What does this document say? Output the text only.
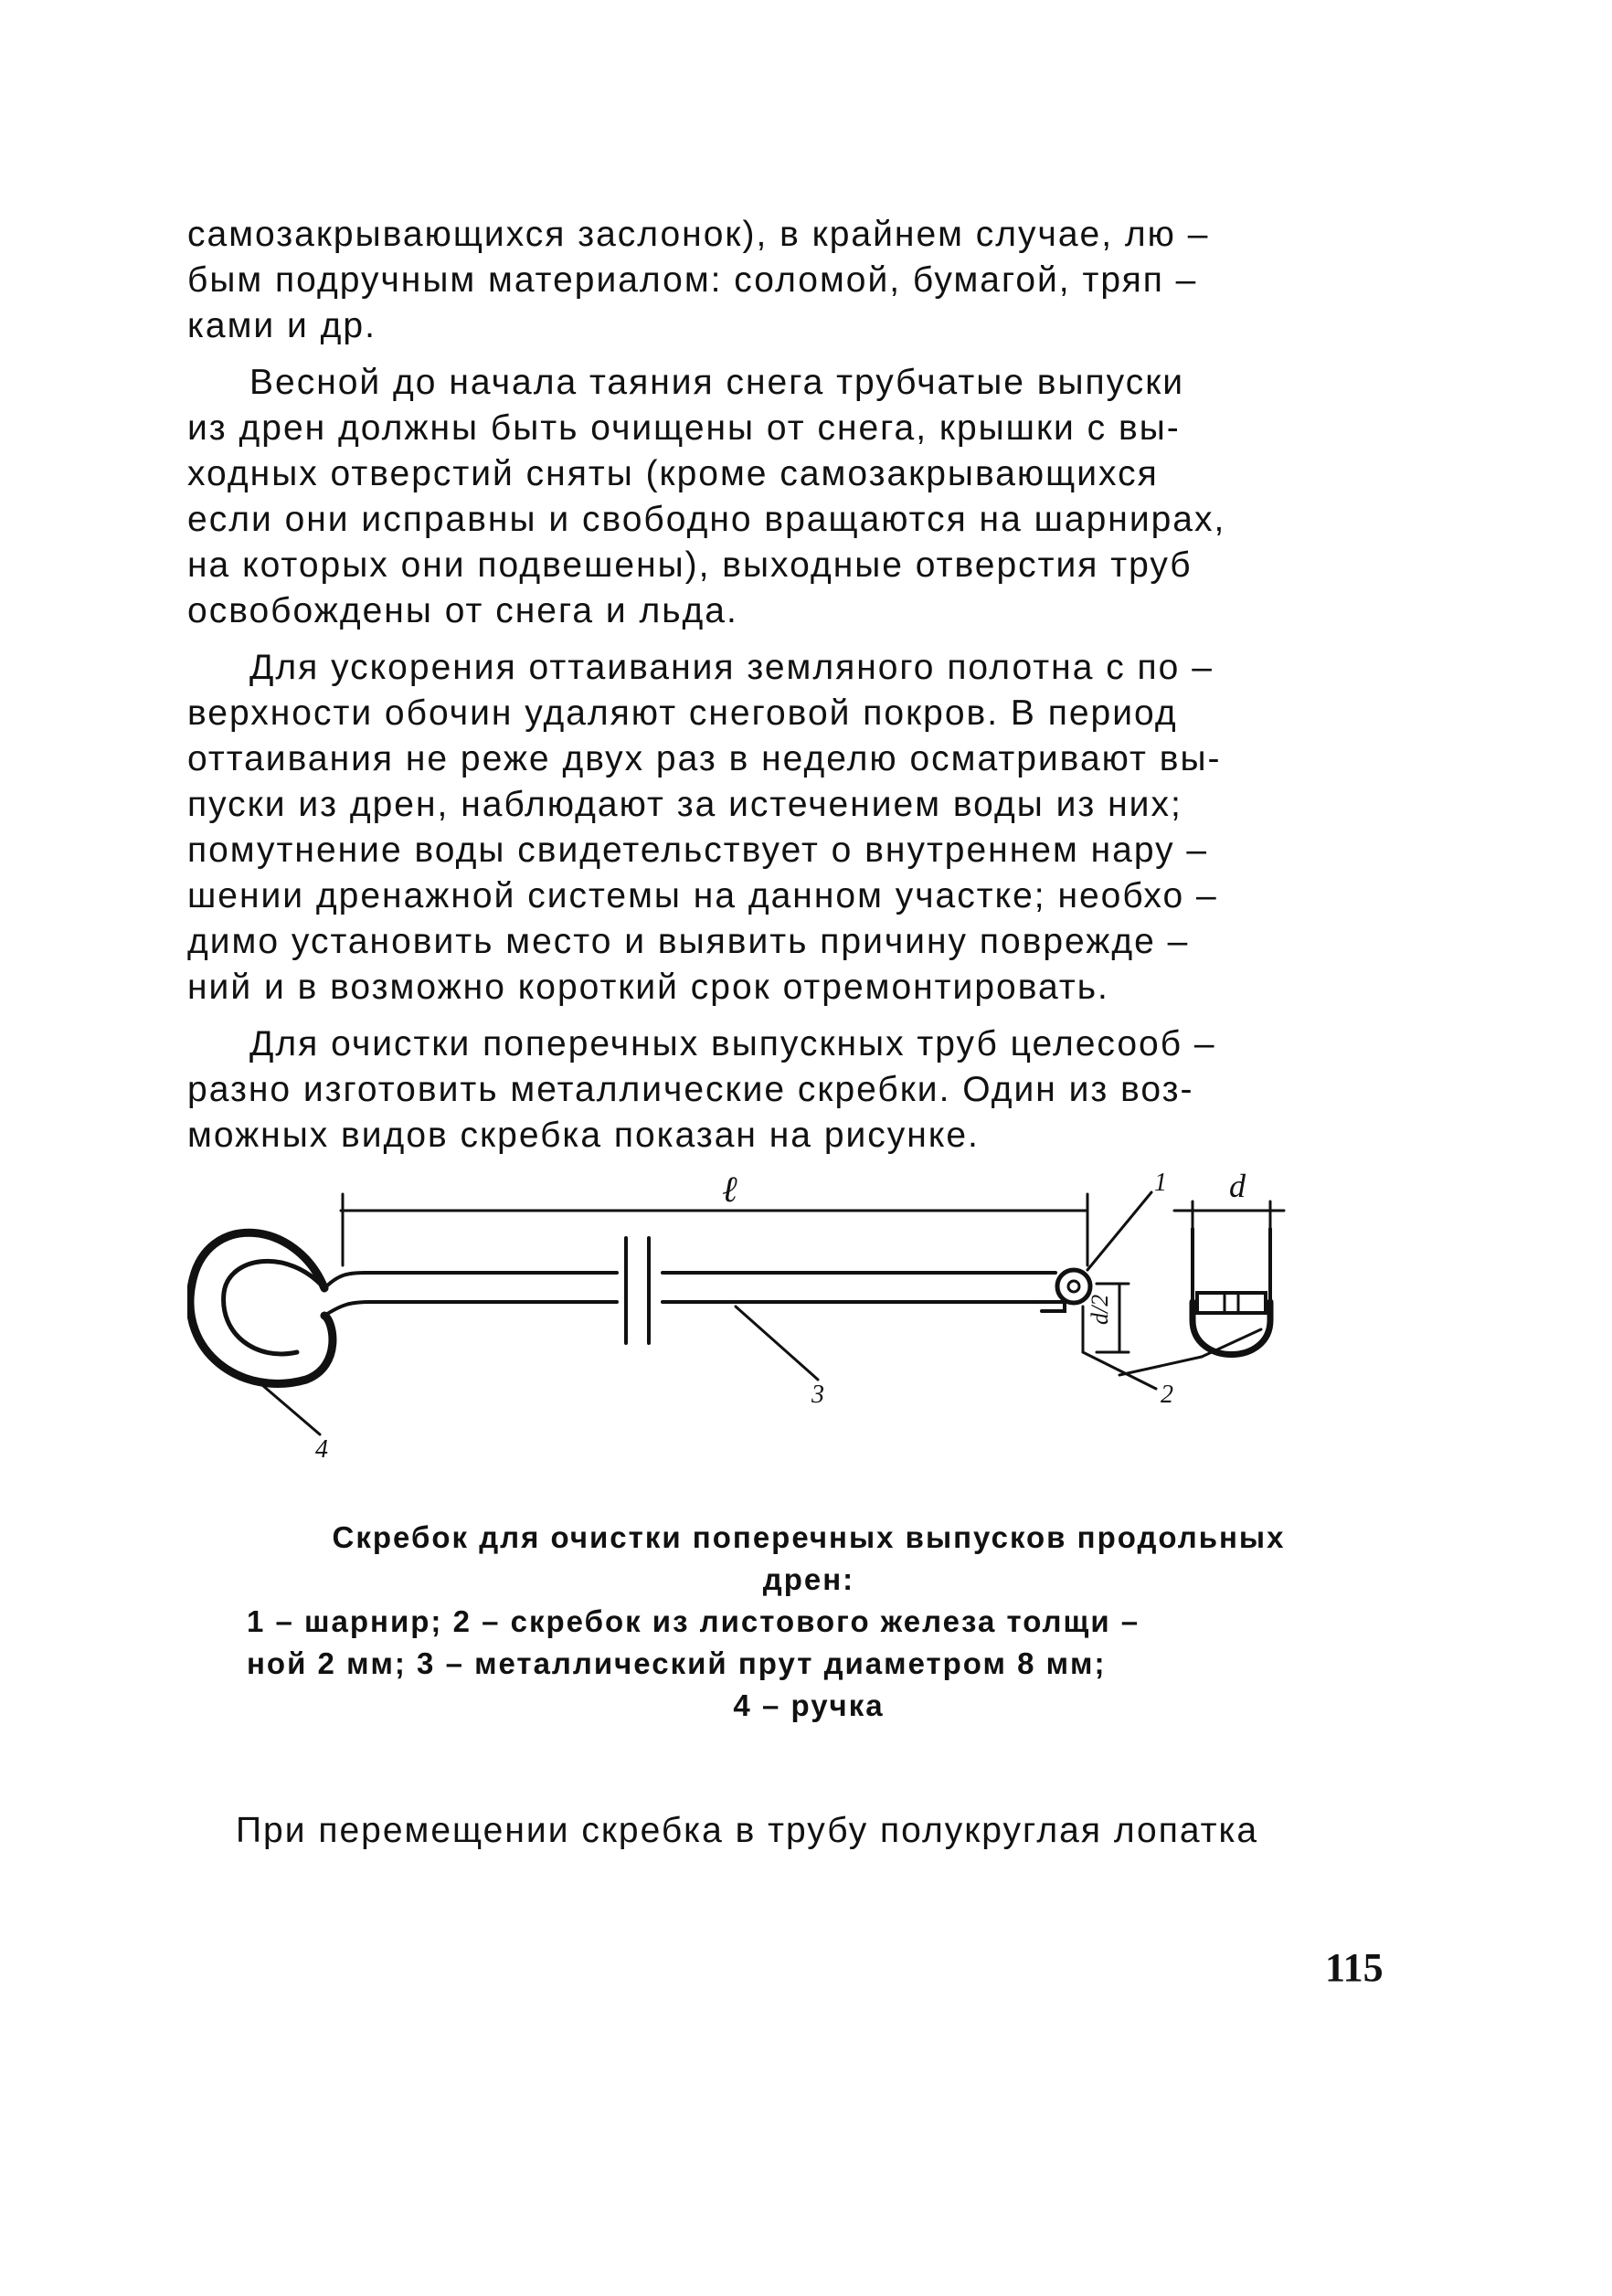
самозакрывающихся заслонок), в крайнем случае, лю –
бым подручным материалом: соломой, бумагой, тряп –
ками и др.

Весной до начала таяния снега трубчатые выпуски
из дрен должны быть очищены от снега, крышки с вы-
ходных отверстий сняты (кроме самозакрывающихся
если они исправны и свободно вращаются на шарнирах,
на которых они подвешены), выходные отверстия труб
освобождены от снега и льда.

Для ускорения оттаивания земляного полотна с по –
верхности обочин удаляют снеговой покров. В период
оттаивания не реже двух раз в неделю осматривают вы-
пуски из дрен, наблюдают за истечением воды из них;
помутнение воды свидетельствует о внутреннем нару –
шении дренажной системы на данном участке; необхо –
димо установить место и выявить причину повреждe –
ний и в возможно короткий срок отремонтировать.

Для очистки поперечных выпускных труб целесооб –
разно изготовить металлические скребки. Один из воз-
можных видов скребка показан на рисунке.

ℓ	d
d/2
1
2
3
4
Скребок для очистки поперечных выпусков продольных
дрен:
1 – шарнир; 2 – скребок из листового железа толщи –
ной 2 мм; 3 – металлический прут диаметром 8 мм;
4 – ручка
При перемещении скребка в трубу полукруглая лопатка
115
